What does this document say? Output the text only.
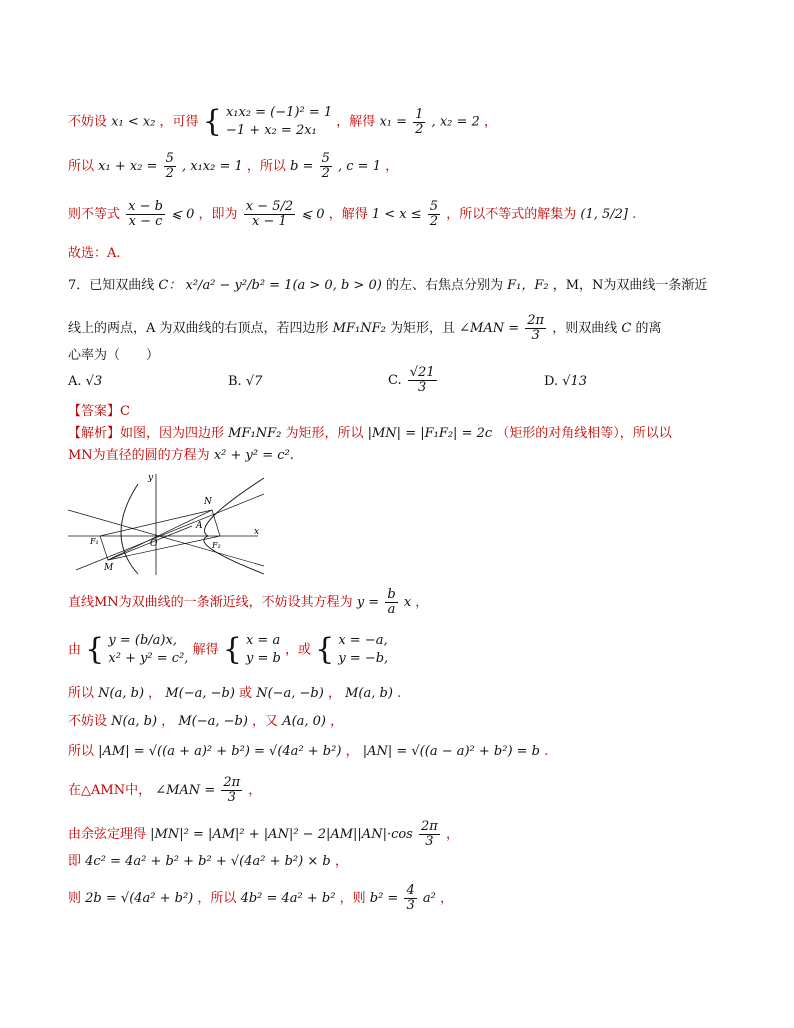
不妨设 x₁ < x₂ ，可得 { x₁x₂ = (−1)² = 1
−1 + x₂ = 2x₁
，解得 $x_1 = \frac{1}{2}$ , x₂ = 2 ，
所以 $x_1 + x_2 = \frac{5}{2}$ , x₁x₂ = 1 ，所以 $b = \frac{5}{2}$ , c = 1 ，
则不等式 $\frac{x - b}{x - c}$ ⩽ 0 ，即为 $\frac{x - 5/2}{x - 1}$ ⩽ 0 ，解得 $1 < x \le \frac{5}{2}$ ，所以不等式的解集为 (1, 5/2] .
故选：A.
7．已知双曲线 C： x²/a² − y²/b² = 1(a > 0, b > 0) 的左、右焦点分别为 F₁，F₂ ，M，N为双曲线一条渐近
线上的两点，A 为双曲线的右顶点，若四边形 MF₁NF₂ 为矩形，且 ∠MAN = $\frac{2\pi}{3}$ ，则双曲线 C 的离
心率为（　　）
A. √3	B. √7	C. $\frac{√21}{3}$	D. √13
【答案】C
【解析】如图，因为四边形 MF₁NF₂ 为矩形，所以 |MN| = |F₁F₂| = 2c （矩形的对角线相等），所以以
MN为直径的圆的方程为 x² + y² = c².
y
x
O
N
A
F₁	F₂
M
直线MN为双曲线的一条渐近线，不妨设其方程为 $y = \frac{b}{a}$ x ，
由 { y = (b/a)x,
x² + y² = c²,
解得 { x = a
y = b
，或 { x = −a,
y = −b,
所以 N(a, b) ， M(−a, −b) 或 N(−a, −b) ， M(a, b) .
不妨设 N(a, b) ， M(−a, −b) ，又 A(a, 0) ，
所以 |AM| = √((a + a)² + b²) = √(4a² + b²) ， |AN| = √((a − a)² + b²) = b .
在△AMN中， ∠MAN = $\frac{2\pi}{3}$ ，
由余弦定理得 $|MN|^2 = |AM|^2 + |AN|^2 - 2|AM||AN|\cdot\cos \frac{2\pi}{3}$ ，
即 4c² = 4a² + b² + b² + √(4a² + b²) × b ，
则 2b = √(4a² + b²) ，所以 4b² = 4a² + b² ，则 $b^2 = \frac{4}{3} a^2$ ，
